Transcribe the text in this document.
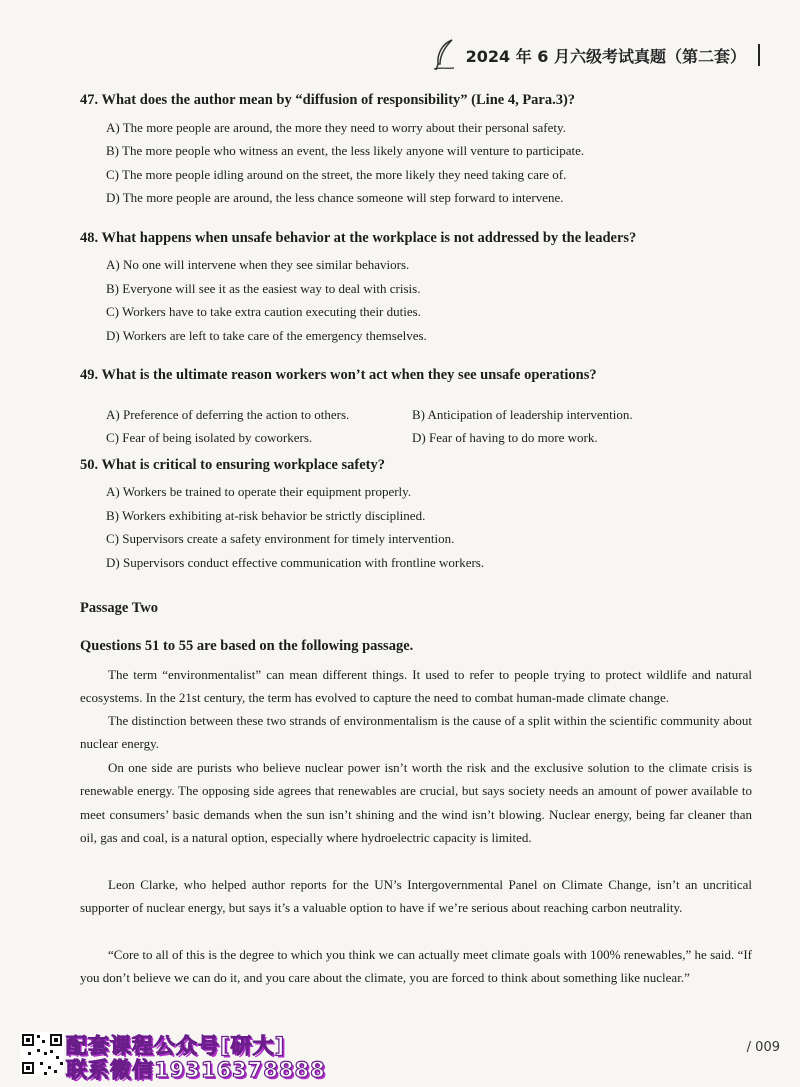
2024 年 6 月六级考试真题（第二套）

47. What does the author mean by “diffusion of responsibility” (Line 4, Para.3)?

A) The more people are around, the more they need to worry about their personal safety.

B) The more people who witness an event, the less likely anyone will venture to participate.

C) The more people idling around on the street, the more likely they need taking care of.

D) The more people are around, the less chance someone will step forward to intervene.

48. What happens when unsafe behavior at the workplace is not addressed by the leaders?

A) No one will intervene when they see similar behaviors.

B) Everyone will see it as the easiest way to deal with crisis.

C) Workers have to take extra caution executing their duties.

D) Workers are left to take care of the emergency themselves.

49. What is the ultimate reason workers won’t act when they see unsafe operations?

A) Preference of deferring the action to others.	B) Anticipation of leadership intervention.

C) Fear of being isolated by coworkers.	D) Fear of having to do more work.

50. What is critical to ensuring workplace safety?

A) Workers be trained to operate their equipment properly.

B) Workers exhibiting at-risk behavior be strictly disciplined.

C) Supervisors create a safety environment for timely intervention.

D) Supervisors conduct effective communication with frontline workers.

Passage Two

Questions 51 to 55 are based on the following passage.

The term “environmentalist” can mean different things. It used to refer to people trying to protect wildlife and natural ecosystems. In the 21st century, the term has evolved to capture the need to combat human-made climate change.

The distinction between these two strands of environmentalism is the cause of a split within the scientific community about nuclear energy.

On one side are purists who believe nuclear power isn’t worth the risk and the exclusive solution to the climate crisis is renewable energy. The opposing side agrees that renewables are crucial, but says society needs an amount of power available to meet consumers’ basic demands when the sun isn’t shining and the wind isn’t blowing. Nuclear energy, being far cleaner than oil, gas and coal, is a natural option, especially where hydroelectric capacity is limited.

Leon Clarke, who helped author reports for the UN’s Intergovernmental Panel on Climate Change, isn’t an uncritical supporter of nuclear energy, but says it’s a valuable option to have if we’re serious about reaching carbon neutrality.

“Core to all of this is the degree to which you think we can actually meet climate goals with 100% renewables,” he said. “If you don’t believe we can do it, and you care about the climate, you are forced to think about something like nuclear.”

配套课程公众号[研大]
联系微信19316378888
/ 009
